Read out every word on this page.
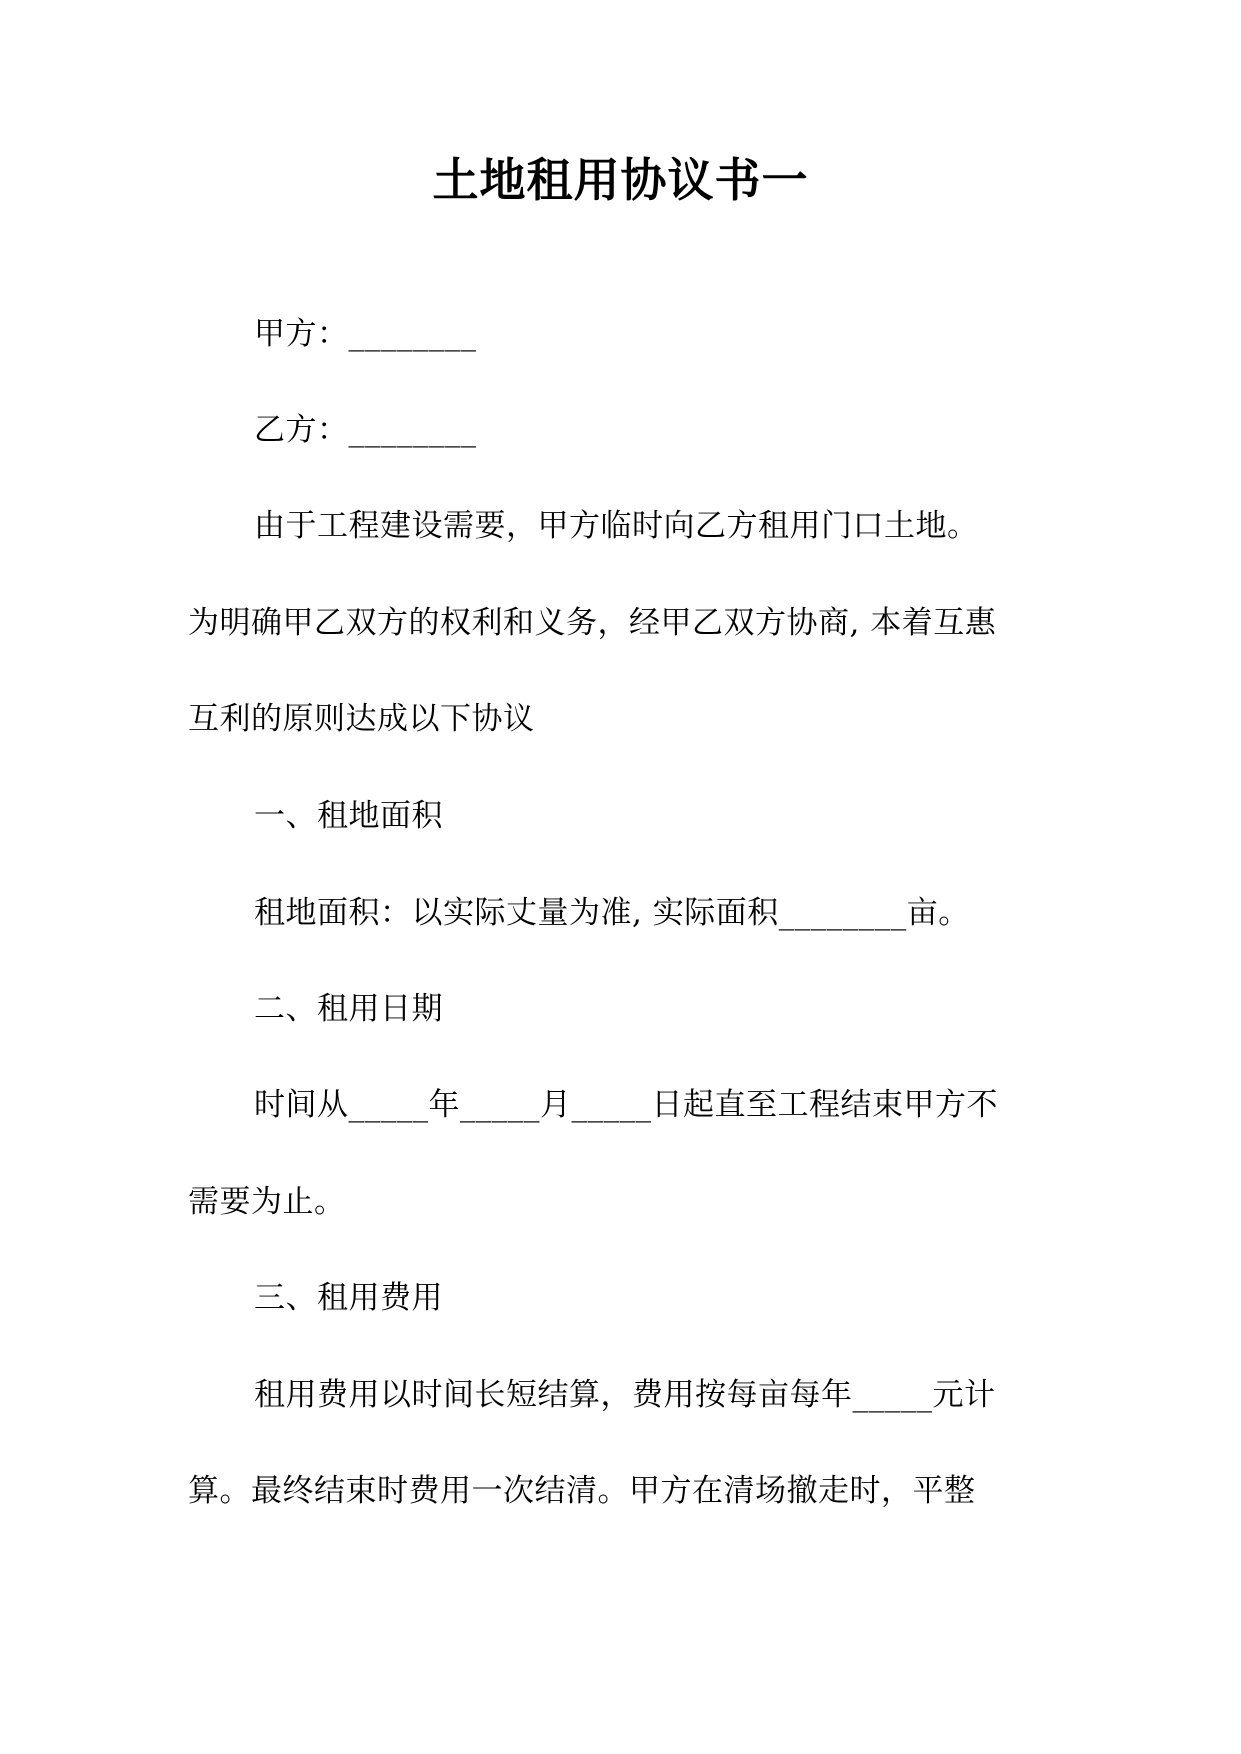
土地租用协议书一
甲方：________
乙方：________
由于工程建设需要，甲方临时向乙方租用门口土地。
为明确甲乙双方的权利和义务，经甲乙双方协商, 本着互惠
互利的原则达成以下协议
一、租地面积
租地面积：以实际丈量为准, 实际面积________亩。
二、租用日期
时间从_____年_____月_____日起直至工程结束甲方不
需要为止。
三、租用费用
租用费用以时间长短结算，费用按每亩每年_____元计
算。最终结束时费用一次结清。甲方在清场撤走时，平整
